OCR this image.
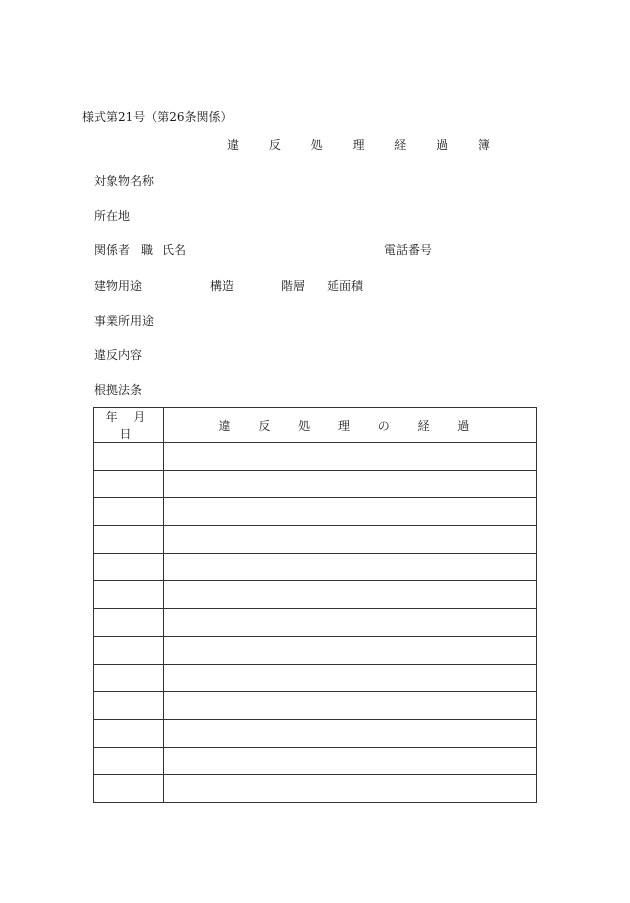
様式第21号（第26条関係）
違 反 処 理 経 過 簿
対象物名称
所在地
関係者 職 氏名	電話番号
建物用途	構造	階層 延面積
事業所用途
違反内容
根拠法条
年 月 日	違 反 処 理 の 経 過
